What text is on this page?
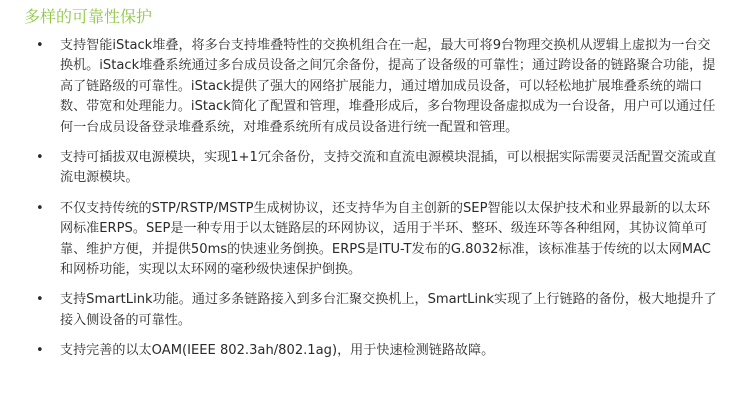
多样的可靠性保护
• 支持智能iStack堆叠，将多台支持堆叠特性的交换机组合在一起，最大可将9台物理交换机从逻辑上虚拟为一台交换机。iStack堆叠系统通过多台成员设备之间冗余备份，提高了设备级的可靠性；通过跨设备的链路聚合功能，提高了链路级的可靠性。iStack提供了强大的网络扩展能力，通过增加成员设备，可以轻松地扩展堆叠系统的端口数、带宽和处理能力。iStack简化了配置和管理，堆叠形成后，多台物理设备虚拟成为一台设备，用户可以通过任何一台成员设备登录堆叠系统，对堆叠系统所有成员设备进行统一配置和管理。
• 支持可插拔双电源模块，实现1+1冗余备份，支持交流和直流电源模块混插，可以根据实际需要灵活配置交流或直流电源模块。
• 不仅支持传统的STP/RSTP/MSTP生成树协议，还支持华为自主创新的SEP智能以太保护技术和业界最新的以太环网标准ERPS。SEP是一种专用于以太链路层的环网协议，适用于半环、整环、级连环等各种组网，其协议简单可靠、维护方便，并提供50ms的快速业务倒换。ERPS是ITU-T发布的G.8032标准，该标准基于传统的以太网MAC和网桥功能，实现以太环网的毫秒级快速保护倒换。
• 支持SmartLink功能。通过多条链路接入到多台汇聚交换机上，SmartLink实现了上行链路的备份，极大地提升了接入侧设备的可靠性。
• 支持完善的以太OAM(IEEE 802.3ah/802.1ag)，用于快速检测链路故障。
